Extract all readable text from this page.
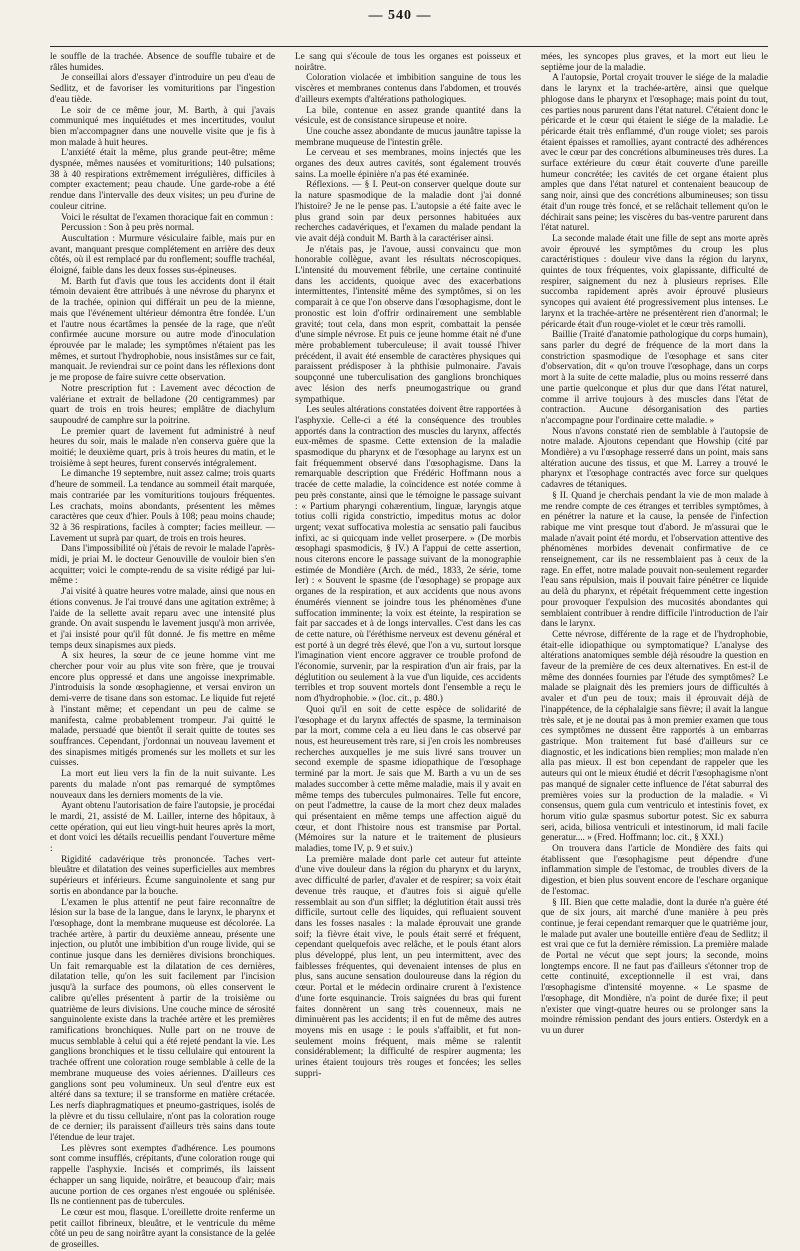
— 540 —

le souffle de la trachée. Absence de souffle tubaire et de râles humides.

Je conseillai alors d'essayer d'introduire un peu d'eau de Sedlitz, et de favoriser les vomituritions par l'ingestion d'eau tiède.

Le soir de ce même jour, M. Barth, à qui j'avais communiqué mes inquiétudes et mes incertitudes, voulut bien m'accompagner dans une nouvelle visite que je fis à mon malade à huit heures.

L'anxiété était la même, plus grande peut-être; même dyspnée, mêmes nausées et vomituritions; 140 pulsations; 38 à 40 respirations extrêmement irrégulières, difficiles à compter exactement; peau chaude. Une garde-robe a été rendue dans l'intervalle des deux visites; un peu d'urine de couleur citrine.

Voici le résultat de l'examen thoracique fait en commun :

Percussion : Son à peu près normal.

Auscultation : Murmure vésiculaire faible, mais pur en avant, manquant presque complétement en arrière des deux côtés, où il est remplacé par du ronflement; souffle trachéal, éloigné, faible dans les deux fosses sus-épineuses.

M. Barth fut d'avis que tous les accidents dont il était témoin devaient être attribués à une névrose du pharynx et de la trachée, opinion qui différait un peu de la mienne, mais que l'événement ultérieur démontra être fondée. L'un et l'autre nous écartâmes la pensée de la rage, que n'eût confirmée aucune morsure ou autre mode d'inoculation éprouvée par le malade; les symptômes n'étaient pas les mêmes, et surtout l'hydrophobie, nous insistâmes sur ce fait, manquait. Je reviendrai sur ce point dans les réflexions dont je me propose de faire suivre cette observation.

Notre prescription fut : Lavement avec décoction de valériane et extrait de belladone (20 centigrammes) par quart de trois en trois heures; emplâtre de diachylum saupoudré de camphre sur la poitrine.

Le premier quart de lavement fut administré à neuf heures du soir, mais le malade n'en conserva guère que la moitié; le deuxième quart, pris à trois heures du matin, et le troisième à sept heures, furent conservés intégralement.

Le dimanche 19 septembre, nuit assez calme; trois quarts d'heure de sommeil. La tendance au sommeil était marquée, mais contrariée par les vomituritions toujours fréquentes. Les crachats, moins abondants, présentent les mêmes caractères que ceux d'hier. Pouls à 108; peau moins chaude; 32 à 36 respirations, faciles à compter; facies meilleur. — Lavement ut suprà par quart, de trois en trois heures.

Dans l'impossibilité où j'étais de revoir le malade l'après-midi, je priai M. le docteur Genouville de vouloir bien s'en acquitter; voici le compte-rendu de sa visite rédigé par lui-même :

J'ai visité à quatre heures votre malade, ainsi que nous en étions convenus. Je l'ai trouvé dans une agitation extrême; à l'aide de la sellette avait reparu avec une intensité plus grande. On avait suspendu le lavement jusqu'à mon arrivée, et j'ai insisté pour qu'il fût donné. Je fis mettre en même temps deux sinapismes aux pieds.

A six heures, la sœur de ce jeune homme vint me chercher pour voir au plus vite son frère, que je trouvai encore plus oppressé et dans une angoisse inexprimable. J'introduisis la sonde œsophagienne, et versai environ un demi-verre de tisane dans son estomac. Le liquide fut rejeté à l'instant même; et cependant un peu de calme se manifesta, calme probablement trompeur. J'ai quitté le malade, persuadé que bientôt il serait quitte de toutes ses souffrances. Cependant, j'ordonnai un nouveau lavement et des sinapismes mitigés promenés sur les mollets et sur les cuisses.

La mort eut lieu vers la fin de la nuit suivante. Les parents du malade n'ont pas remarqué de symptômes nouveaux dans les derniers moments de la vie.

Ayant obtenu l'autorisation de faire l'autopsie, je procédai le mardi, 21, assisté de M. Lailler, interne des hôpitaux, à cette opération, qui eut lieu vingt-huit heures après la mort, et dont voici les détails recueillis pendant l'ouverture même :

Rigidité cadavérique très prononcée. Taches vert-bleuâtre et dilatation des veines superficielles aux membres supérieurs et inférieurs. Écume sanguinolente et sang pur sortis en abondance par la bouche.

L'examen le plus attentif ne peut faire reconnaître de lésion sur la base de la langue, dans le larynx, le pharynx et l'œsophage, dont la membrane muqueuse est décolorée. La trachée artère, à partir du deuxième anneau, présente une injection, ou plutôt une imbibition d'un rouge livide, qui se continue jusque dans les dernières divisions bronchiques. Un fait remarquable est la dilatation de ces dernières, dilatation telle, qu'on les suit facilement par l'incision jusqu'à la surface des poumons, où elles conservent le calibre qu'elles présentent à partir de la troisième ou quatrième de leurs divisions. Une couche mince de sérosité sanguinolente existe dans la trachée artère et les premières ramifications bronchiques. Nulle part on ne trouve de mucus semblable à celui qui a été rejeté pendant la vie. Les ganglions bronchiques et le tissu cellulaire qui entourent la trachée offrent une coloration rouge semblable à celle de la membrane muqueuse des voies aériennes. D'ailleurs ces ganglions sont peu volumineux. Un seul d'entre eux est altéré dans sa texture; il se transforme en matière crétacée. Les nerfs diaphragmatiques et pneumo-gastriques, isolés de la plèvre et du tissu cellulaire, n'ont pas la coloration rouge de ce dernier; ils paraissent d'ailleurs très sains dans toute l'étendue de leur trajet.

Les plèvres sont exemptes d'adhérence. Les poumons sont comme insufflés, crépitants, d'une coloration rouge qui rappelle l'asphyxie. Incisés et comprimés, ils laissent échapper un sang liquide, noirâtre, et beaucoup d'air; mais aucune portion de ces organes n'est engouée ou splénisée. Ils ne contiennent pas de tubercules.

Le cœur est mou, flasque. L'oreillette droite renferme un petit caillot fibrineux, bleuâtre, et le ventricule du même côté un peu de sang noirâtre ayant la consistance de la gelée de groseilles.

Le sang qui s'écoule de tous les organes est poisseux et noirâtre.

Coloration violacée et imbibition sanguine de tous les viscères et membranes contenus dans l'abdomen, et trouvés d'ailleurs exempts d'altérations pathologiques.

La bile, contenue en assez grande quantité dans la vésicule, est de consistance sirupeuse et noire.

Une couche assez abondante de mucus jaunâtre tapisse la membrane muqueuse de l'intestin grêle.

Le cerveau et ses membranes, moins injectés que les organes des deux autres cavités, sont également trouvés sains. La moelle épinière n'a pas été examinée.

Réflexions. — § I. Peut-on conserver quelque doute sur la nature spasmodique de la maladie dont j'ai donné l'histoire? Je ne le pense pas. L'autopsie a été faite avec le plus grand soin par deux personnes habituées aux recherches cadavériques, et l'examen du malade pendant la vie avait déjà conduit M. Barth à la caractériser ainsi.

Je n'étais pas, je l'avoue, aussi convaincu que mon honorable collègue, avant les résultats nécroscopiques. L'intensité du mouvement fébrile, une certaine continuité dans les accidents, quoique avec des exacerbations intermittentes, l'intensité même des symptômes, si on les comparait à ce que l'on observe dans l'œsophagisme, dont le pronostic est loin d'offrir ordinairement une semblable gravité; tout cela, dans mon esprit, combattait la pensée d'une simple névrose. Et puis ce jeune homme était né d'une mère probablement tuberculeuse; il avait toussé l'hiver précédent, il avait été ensemble de caractères physiques qui paraissent prédisposer à la phthisie pulmonaire. J'avais soupçonné une tuberculisation des ganglions bronchiques avec lésion des nerfs pneumogastrique ou grand sympathique.

Les seules altérations constatées doivent être rapportées à l'asphyxie. Celle-ci a été la conséquence des troubles apportés dans la contraction des muscles du larynx, affectés eux-mêmes de spasme. Cette extension de la maladie spasmodique du pharynx et de l'œsophage au larynx est un fait fréquemment observé dans l'œsophagisme. Dans la remarquable description que Frédéric Hoffmann nous a tracée de cette maladie, la coïncidence est notée comme à peu près constante, ainsi que le témoigne le passage suivant : « Partium pharyngi cohærentium, linguæ, laryngis atque totius colli rigida constrictio, impeditus motus ac dolor urgent; vexat suffocativa molestia ac sensatio pali faucibus infixi, ac si quicquam inde vellet proserpere. » (De morbis œsophagi spasmodicis, § IV.) A l'appui de cette assertion, nous citerons encore le passage suivant de la monographie estimée de Mondière (Arch. de méd., 1833, 2e série, tome Ier) : « Souvent le spasme (de l'œsophage) se propage aux organes de la respiration, et aux accidents que nous avons énumérés viennent se joindre tous les phénomènes d'une suffocation imminente; la voix est éteinte, la respiration se fait par saccades et à de longs intervalles. C'est dans les cas de cette nature, où l'éréthisme nerveux est devenu général et est porté à un degré très élevé, que l'on a vu, surtout lorsque l'imagination vient encore aggraver ce trouble profond de l'économie, survenir, par la respiration d'un air frais, par la déglutition ou seulement à la vue d'un liquide, ces accidents terribles et trop souvent mortels dont l'ensemble a reçu le nom d'hydrophobie. » (loc. cit., p. 480.)

Quoi qu'il en soit de cette espèce de solidarité de l'œsophage et du larynx affectés de spasme, la terminaison par la mort, comme cela a eu lieu dans le cas observé par nous, est heureusement très rare, si j'en crois les nombreuses recherches auxquelles je me suis livré sans trouver un second exemple de spasme idiopathique de l'œsophage terminé par la mort. Je sais que M. Barth a vu un de ses malades succomber à cette même maladie, mais il y avait en même temps des tubercules pulmonaires. Telle fut encore, on peut l'admettre, la cause de la mort chez deux malades qui présentaient en même temps une affection aiguë du cœur, et dont l'histoire nous est transmise par Portal. (Mémoires sur la nature et le traitement de plusieurs maladies, tome IV, p. 9 et suiv.)

La première malade dont parle cet auteur fut atteinte d'une vive douleur dans la région du pharynx et du larynx, avec difficulté de parler, d'avaler et de respirer; sa voix était devenue très rauque, et d'autres fois si aiguë qu'elle ressemblait au son d'un sifflet; la déglutition était aussi très difficile, surtout celle des liquides, qui refluaient souvent dans les fosses nasales : la malade éprouvait une grande soif; la fièvre était vive, le pouls était serré et fréquent, cependant quelquefois avec relâche, et le pouls étant alors plus développé, plus lent, un peu intermittent, avec des faiblesses fréquentes, qui devenaient intenses de plus en plus, sans aucune sensation douloureuse dans la région du cœur. Portal et le médecin ordinaire crurent à l'existence d'une forte esquinancie. Trois saignées du bras qui furent faites donnèrent un sang très couenneux, mais ne diminuèrent pas les accidents; il en fut de même des autres moyens mis en usage : le pouls s'affaiblit, et fut non-seulement moins fréquent, mais même se ralentit considérablement; la difficulté de respirer augmenta; les urines étaient toujours très rouges et foncées; les selles suppri-

mées, les syncopes plus graves, et la mort eut lieu le septième jour de la maladie.

A l'autopsie, Portal croyait trouver le siége de la maladie dans le larynx et la trachée-artère, ainsi que quelque phlogose dans le pharynx et l'œsophage; mais point du tout, ces parties nous parurent dans l'état naturel. C'étaient donc le péricarde et le cœur qui étaient le siége de la maladie. Le péricarde était très enflammé, d'un rouge violet; ses parois étaient épaisses et ramollies, ayant contracté des adhérences avec le cœur par des concrétions albumineuses très dures. La surface extérieure du cœur était couverte d'une pareille humeur concrétée; les cavités de cet organe étaient plus amples que dans l'état naturel et contenaient beaucoup de sang noir, ainsi que des concrétions albumineuses; son tissu était d'un rouge très foncé, et se relâchait tellement qu'on le déchirait sans peine; les viscères du bas-ventre parurent dans l'état naturel.

La seconde malade était une fille de sept ans morte après avoir éprouvé les symptômes du croup les plus caractéristiques : douleur vive dans la région du larynx, quintes de toux fréquentes, voix glapissante, difficulté de respirer, saignement du nez à plusieurs reprises. Elle succomba rapidement après avoir éprouvé plusieurs syncopes qui avaient été progressivement plus intenses. Le larynx et la trachée-artère ne présentèrent rien d'anormal; le péricarde était d'un rouge-violet et le cœur très ramolli.

Baillie (Traité d'anatomie pathologique du corps humain), sans parler du degré de fréquence de la mort dans la constriction spasmodique de l'œsophage et sans citer d'observation, dit « qu'on trouve l'œsophage, dans un corps mort à la suite de cette maladie, plus ou moins resserré dans une partie quelconque et plus dur que dans l'état naturel, comme il arrive toujours à des muscles dans l'état de contraction. Aucune désorganisation des parties n'accompagne pour l'ordinaire cette maladie. »

Nous n'avons constaté rien de semblable à l'autopsie de notre malade. Ajoutons cependant que Howship (cité par Mondière) a vu l'œsophage resserré dans un point, mais sans altération aucune des tissus, et que M. Larrey a trouvé le pharynx et l'œsophage contractés avec force sur quelques cadavres de tétaniques.

§ II. Quand je cherchais pendant la vie de mon malade à me rendre compte de ces étranges et terribles symptômes, à en pénétrer la nature et la cause, la pensée de l'infection rabique me vint presque tout d'abord. Je m'assurai que le malade n'avait point été mordu, et l'observation attentive des phénomènes morbides devenait confirmative de ce renseignement, car ils ne ressemblaient pas à ceux de la rage. En effet, notre malade pouvait non-seulement regarder l'eau sans répulsion, mais il pouvait faire pénétrer ce liquide au delà du pharynx, et répétait fréquemment cette ingestion pour provoquer l'expulsion des mucosités abondantes qui semblaient contribuer à rendre difficile l'introduction de l'air dans le larynx.

Cette névrose, différente de la rage et de l'hydrophobie, était-elle idiopathique ou symptomatique? L'analyse des altérations anatomiques semble déjà résoudre la question en faveur de la première de ces deux alternatives. En est-il de même des données fournies par l'étude des symptômes? Le malade se plaignait dès les premiers jours de difficultés à avaler et d'un peu de toux; mais il éprouvait déjà de l'inappétence, de la céphalalgie sans fièvre; il avait la langue très sale, et je ne doutai pas à mon premier examen que tous ces symptômes ne dussent être rapportés à un embarras gastrique. Mon traitement fut basé d'ailleurs sur ce diagnostic, et les indications bien remplies; mon malade n'en alla pas mieux. Il est bon cependant de rappeler que les auteurs qui ont le mieux étudié et décrit l'œsophagisme n'ont pas manqué de signaler cette influence de l'état saburral des premières voies sur la production de la maladie. « Vi consensus, quem gula cum ventriculo et intestinis fovet, ex horum vitio gulæ spasmus subortur potest. Sic ex saburra seri, acida, biliosa ventriculi et intestinorum, id mali facile generatur.... » (Fred. Hoffmann; loc. cit., § XXI.)

On trouvera dans l'article de Mondière des faits qui établissent que l'œsophagisme peut dépendre d'une inflammation simple de l'estomac, de troubles divers de la digestion, et bien plus souvent encore de l'eschare organique de l'estomac.

§ III. Bien que cette maladie, dont la durée n'a guère été que de six jours, ait marché d'une manière à peu près continue, je ferai cependant remarquer que le quatrième jour, le malade put avaler une bouteille entière d'eau de Sedlitz; il est vrai que ce fut la dernière rémission. La première malade de Portal ne vécut que sept jours; la seconde, moins longtemps encore. Il ne faut pas d'ailleurs s'étonner trop de cette continuité, exceptionnelle il est vrai, dans l'œsophagisme d'intensité moyenne. « Le spasme de l'œsophage, dit Mondière, n'a point de durée fixe; il peut n'exister que vingt-quatre heures ou se prolonger sans la moindre rémission pendant des jours entiers. Osterdyk en a vu un durer
